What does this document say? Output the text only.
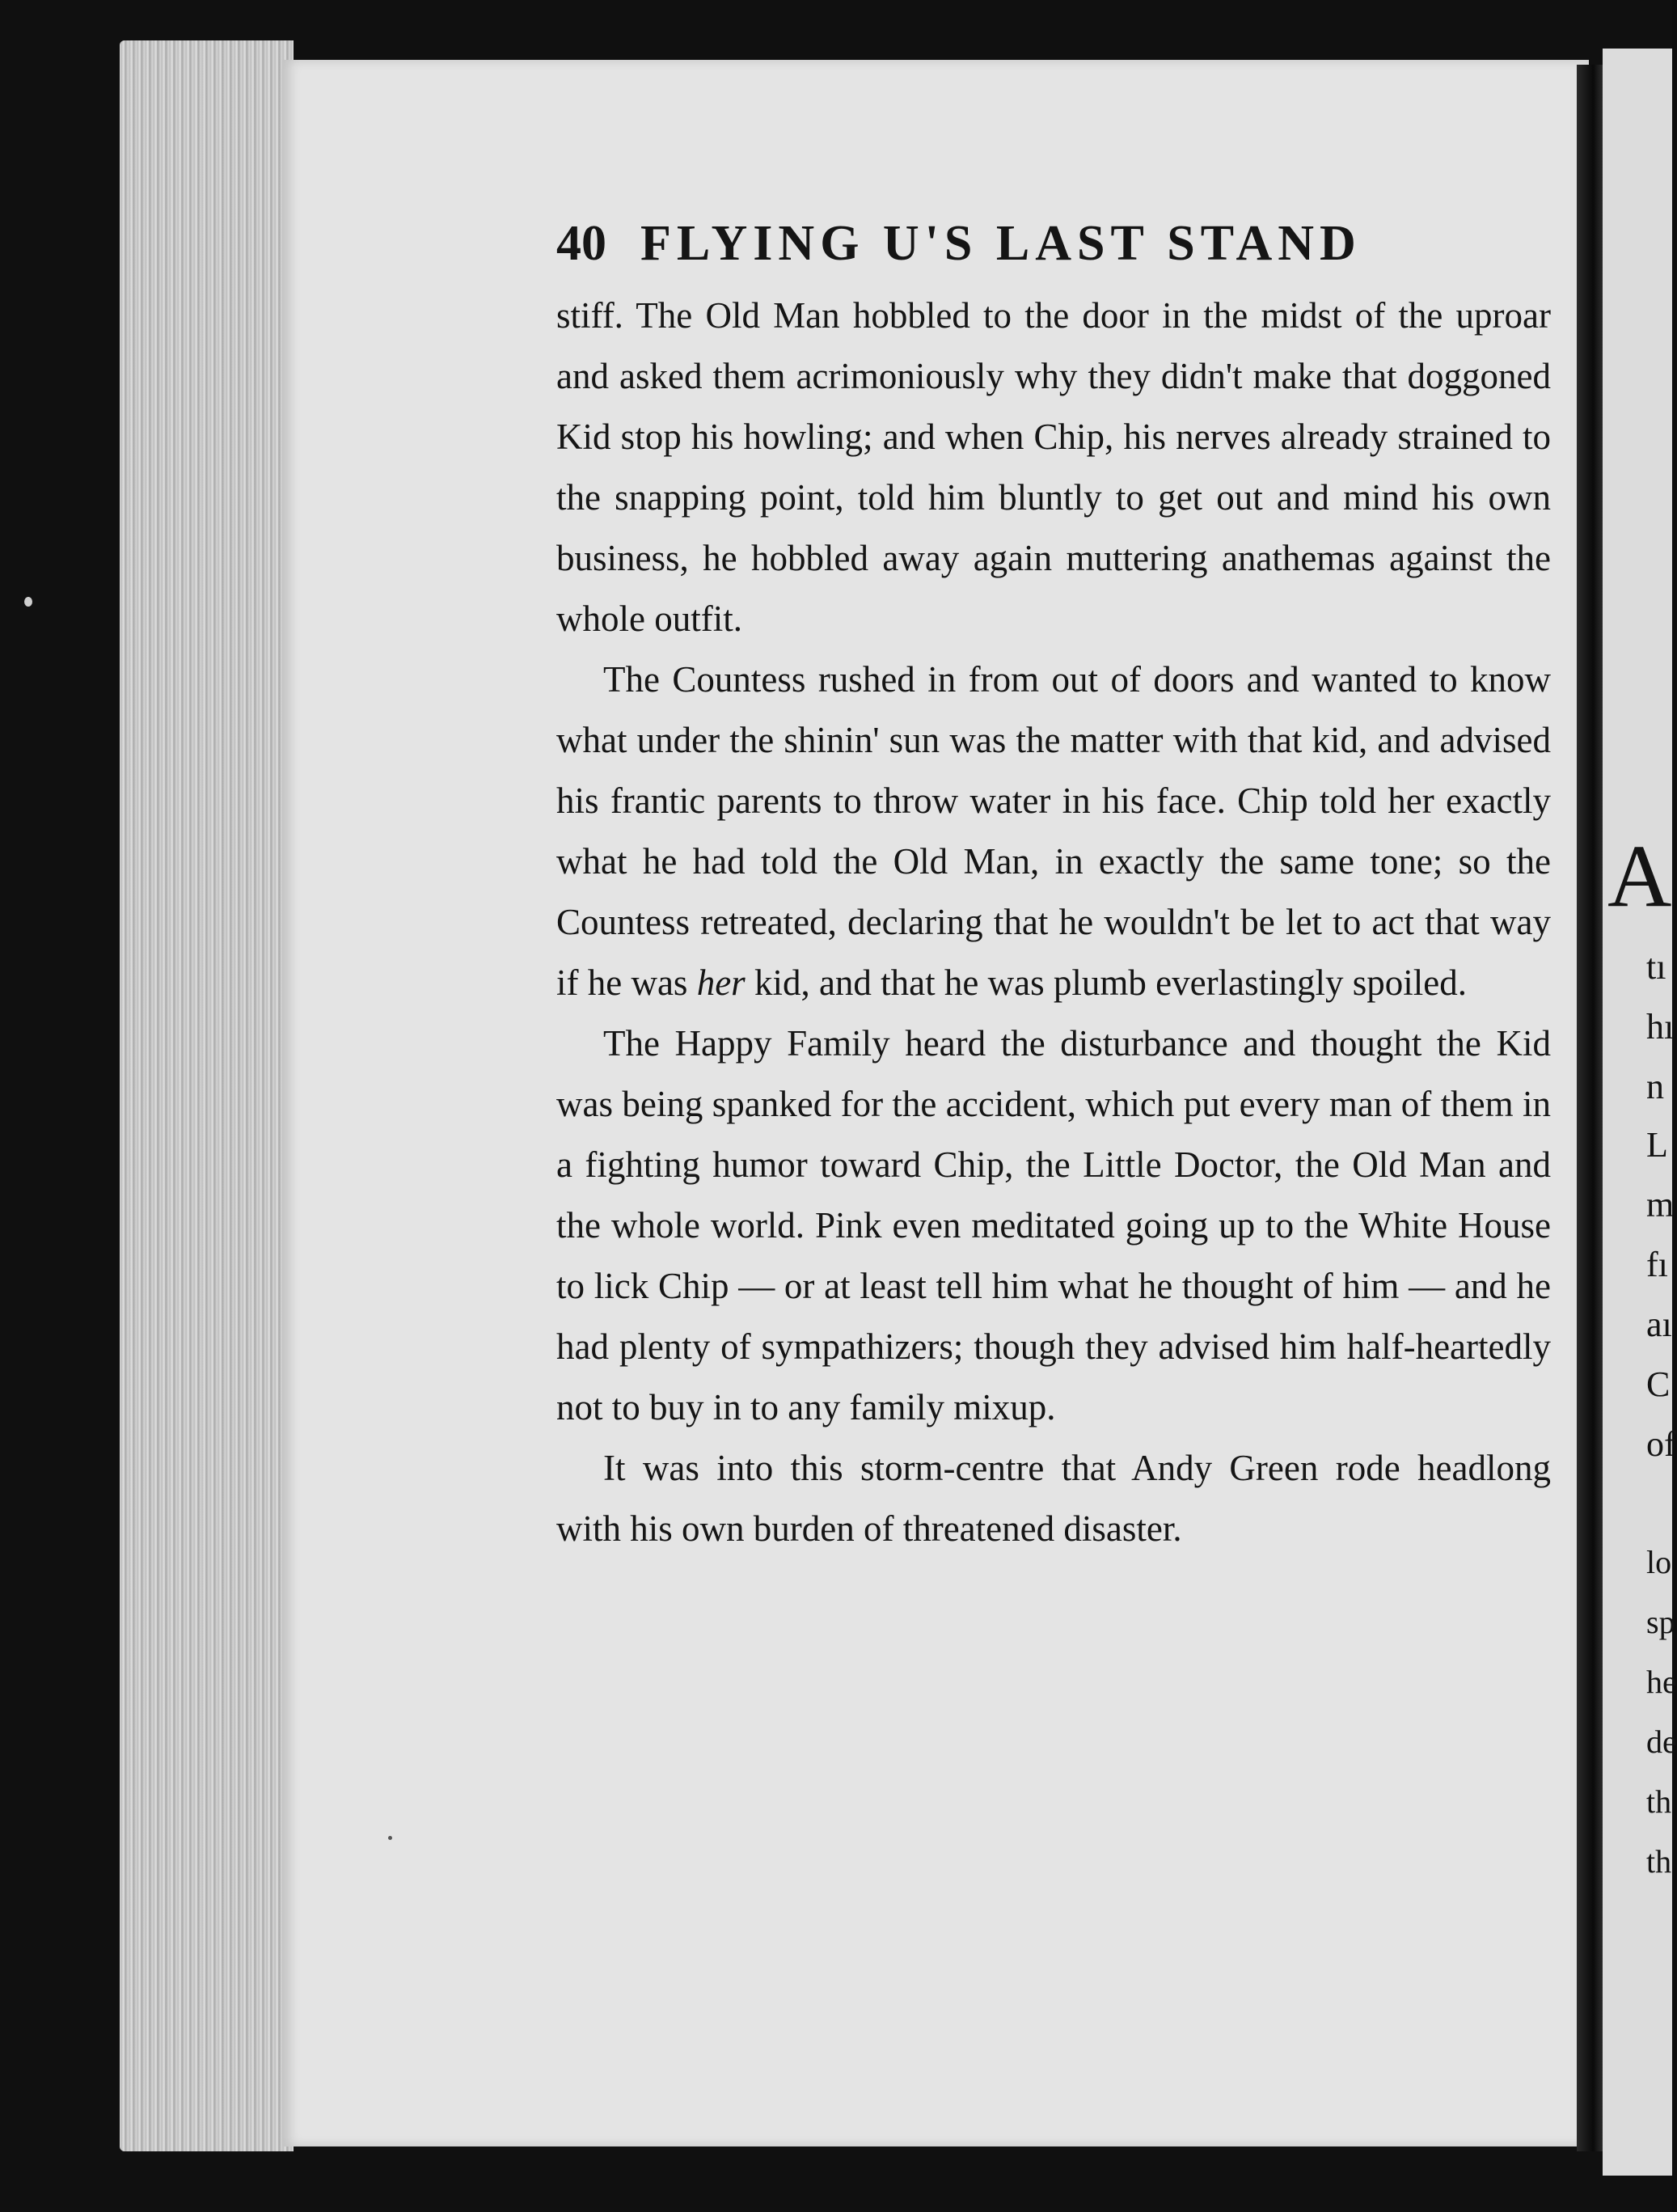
A
tı
hı
n
L
m
fı
aı
C
of
lo
sp
he
de
th
th
40 FLYING U'S LAST STAND

stiff. The Old Man hobbled to the door in the midst of the uproar and asked them acrimoniously why they didn't make that doggoned Kid stop his howling; and when Chip, his nerves already strained to the snapping point, told him bluntly to get out and mind his own business, he hobbled away again muttering anathemas against the whole outfit.

The Countess rushed in from out of doors and wanted to know what under the shinin' sun was the matter with that kid, and advised his frantic parents to throw water in his face. Chip told her exactly what he had told the Old Man, in exactly the same tone; so the Countess retreated, declaring that he wouldn't be let to act that way if he was her kid, and that he was plumb everlastingly spoiled.

The Happy Family heard the disturbance and thought the Kid was being spanked for the accident, which put every man of them in a fighting humor toward Chip, the Little Doctor, the Old Man and the whole world. Pink even meditated going up to the White House to lick Chip — or at least tell him what he thought of him — and he had plenty of sympathizers; though they advised him half-heartedly not to buy in to any family mixup.

It was into this storm-centre that Andy Green rode headlong with his own burden of threatened disaster.
